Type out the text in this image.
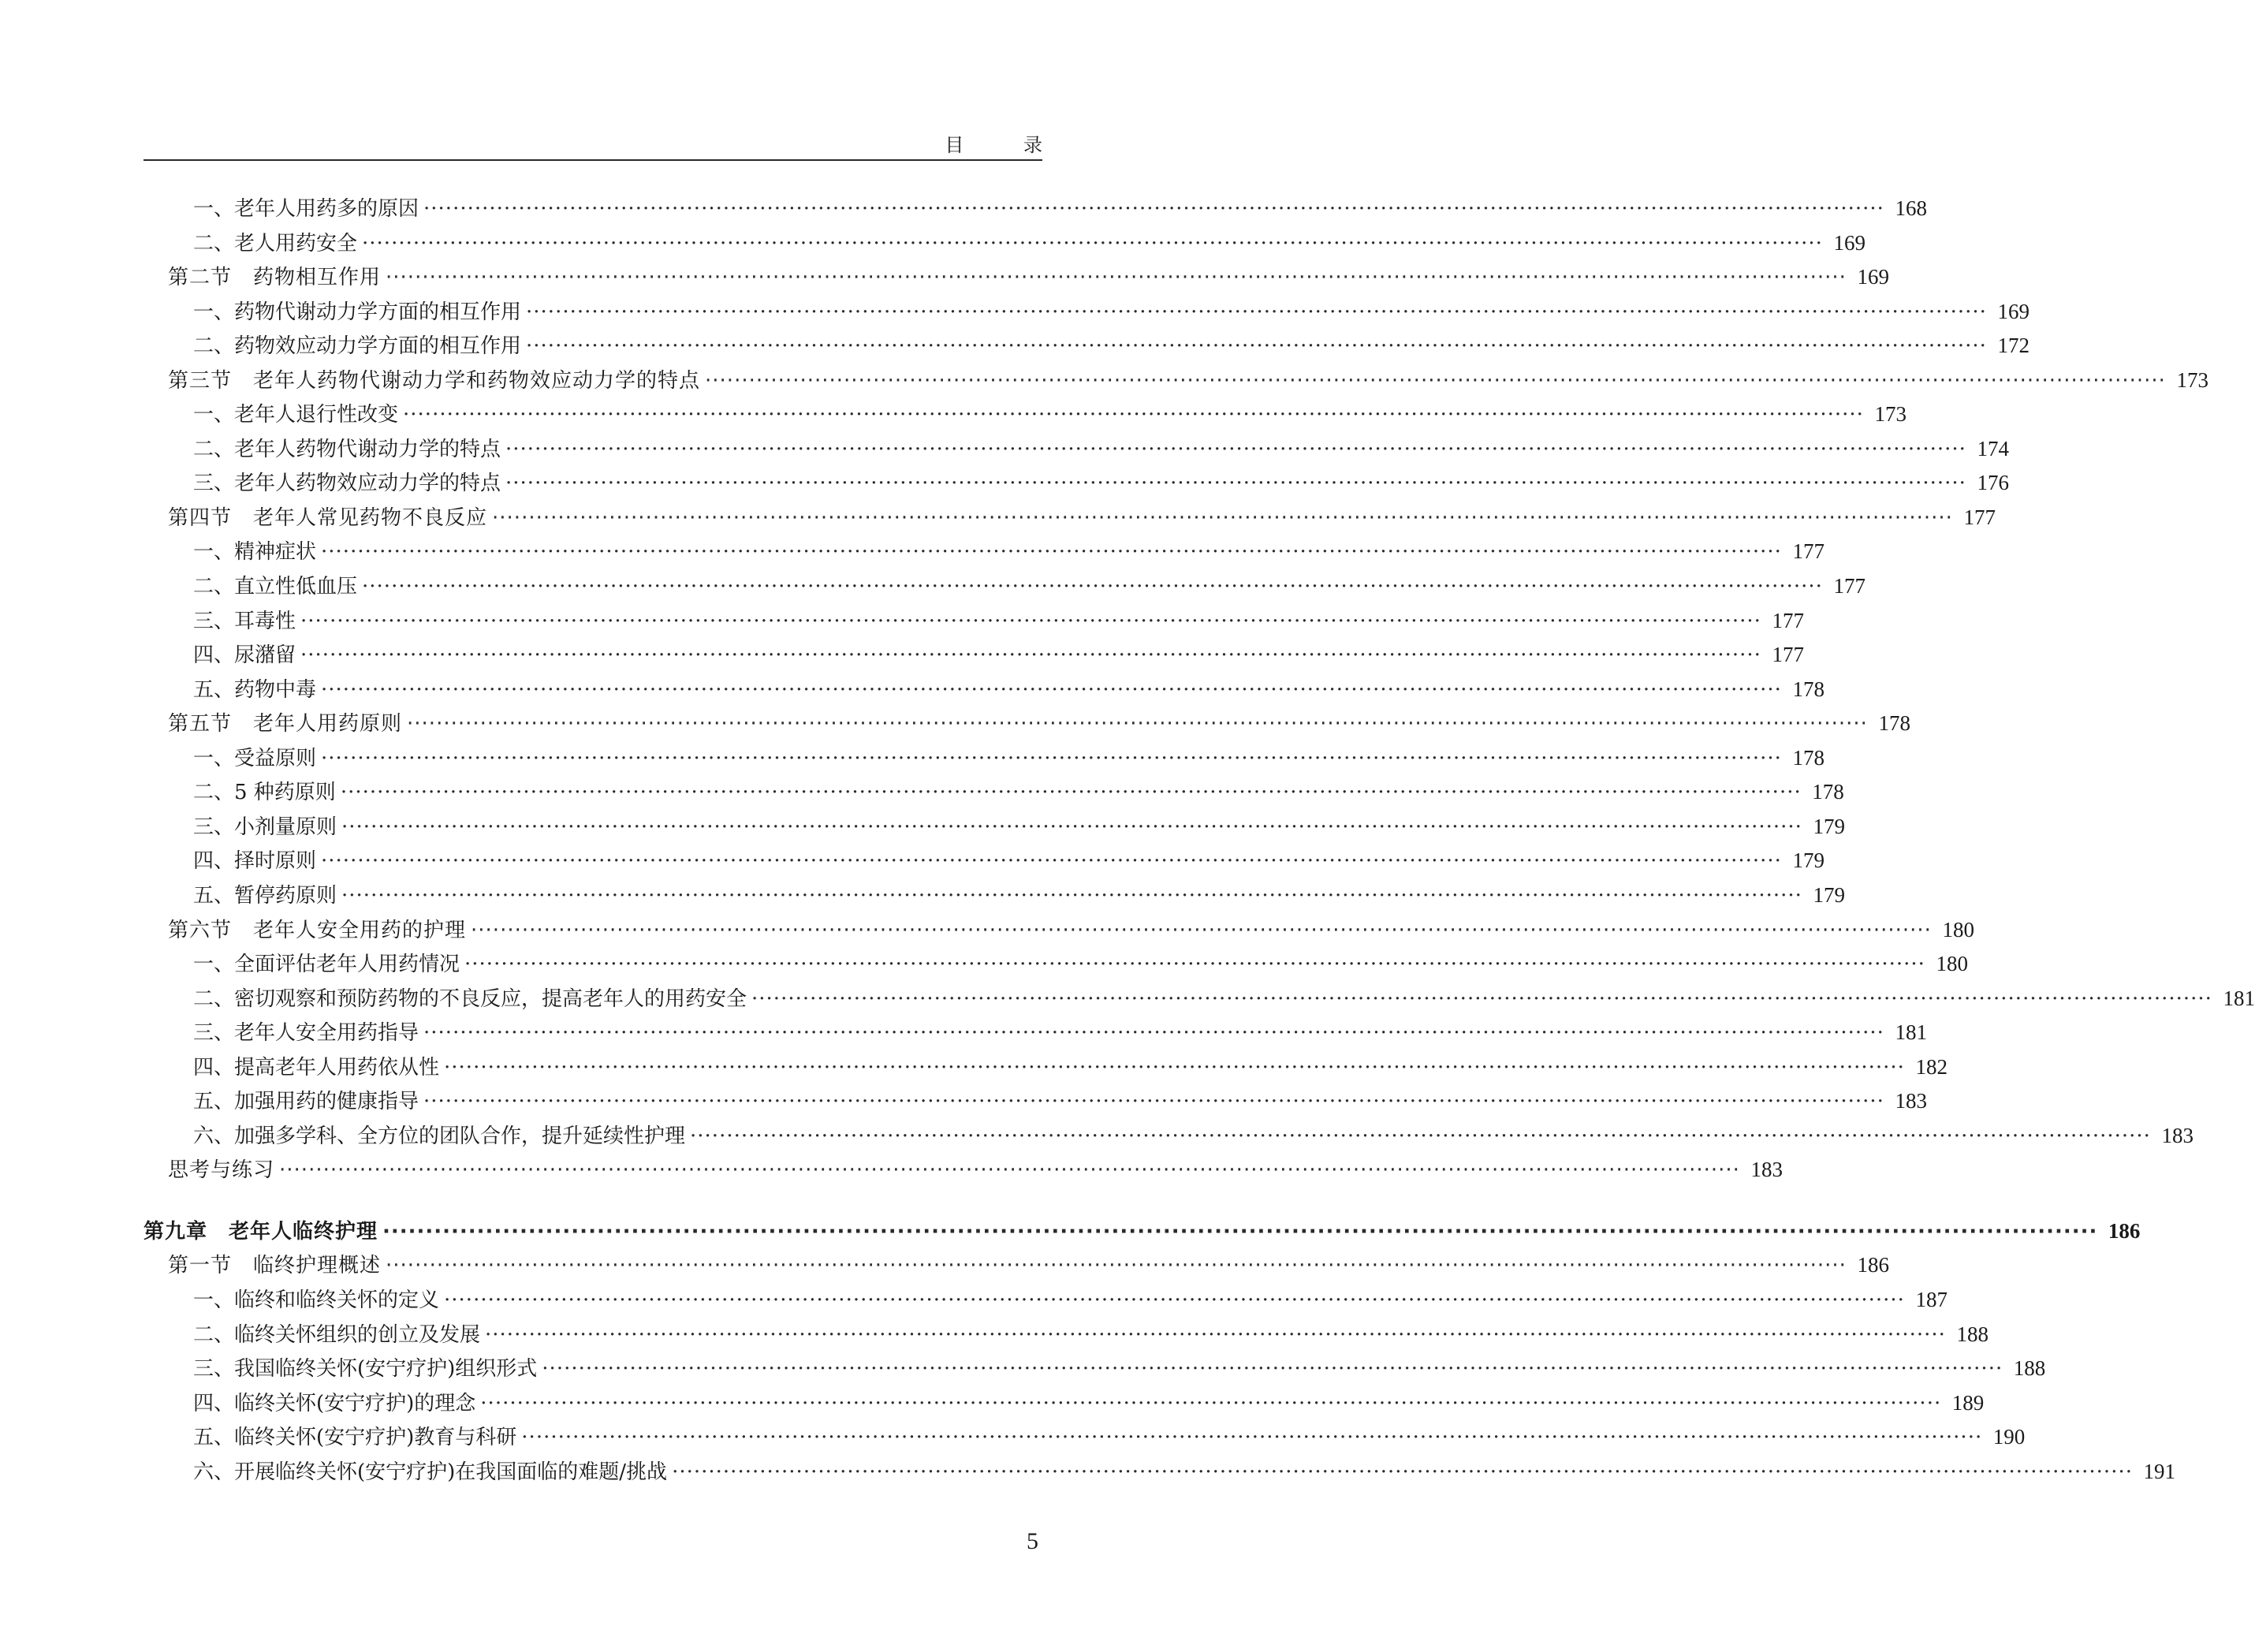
目 录
一、老年人用药多的原因 ········································································································································································································ 168
二、老人用药安全 ········································································································································································································ 169
第二节　药物相互作用 ········································································································································································································ 169
一、药物代谢动力学方面的相互作用 ········································································································································································································ 169
二、药物效应动力学方面的相互作用 ········································································································································································································ 172
第三节　老年人药物代谢动力学和药物效应动力学的特点 ········································································································································································································ 173
一、老年人退行性改变 ········································································································································································································ 173
二、老年人药物代谢动力学的特点 ········································································································································································································ 174
三、老年人药物效应动力学的特点 ········································································································································································································ 176
第四节　老年人常见药物不良反应 ········································································································································································································ 177
一、精神症状 ········································································································································································································ 177
二、直立性低血压 ········································································································································································································ 177
三、耳毒性 ········································································································································································································ 177
四、尿潴留 ········································································································································································································ 177
五、药物中毒 ········································································································································································································ 178
第五节　老年人用药原则 ········································································································································································································ 178
一、受益原则 ········································································································································································································ 178
二、5 种药原则 ········································································································································································································ 178
三、小剂量原则 ········································································································································································································ 179
四、择时原则 ········································································································································································································ 179
五、暂停药原则 ········································································································································································································ 179
第六节　老年人安全用药的护理 ········································································································································································································ 180
一、全面评估老年人用药情况 ········································································································································································································ 180
二、密切观察和预防药物的不良反应，提高老年人的用药安全 ········································································································································································································ 181
三、老年人安全用药指导 ········································································································································································································ 181
四、提高老年人用药依从性 ········································································································································································································ 182
五、加强用药的健康指导 ········································································································································································································ 183
六、加强多学科、全方位的团队合作，提升延续性护理 ········································································································································································································ 183
思考与练习 ········································································································································································································ 183
第九章　老年人临终护理 ········································································································································································································ 186
第一节　临终护理概述 ········································································································································································································ 186
一、临终和临终关怀的定义 ········································································································································································································ 187
二、临终关怀组织的创立及发展 ········································································································································································································ 188
三、我国临终关怀(安宁疗护)组织形式 ········································································································································································································ 188
四、临终关怀(安宁疗护)的理念 ········································································································································································································ 189
五、临终关怀(安宁疗护)教育与科研 ········································································································································································································ 190
六、开展临终关怀(安宁疗护)在我国面临的难题/挑战 ········································································································································································································ 191
5
